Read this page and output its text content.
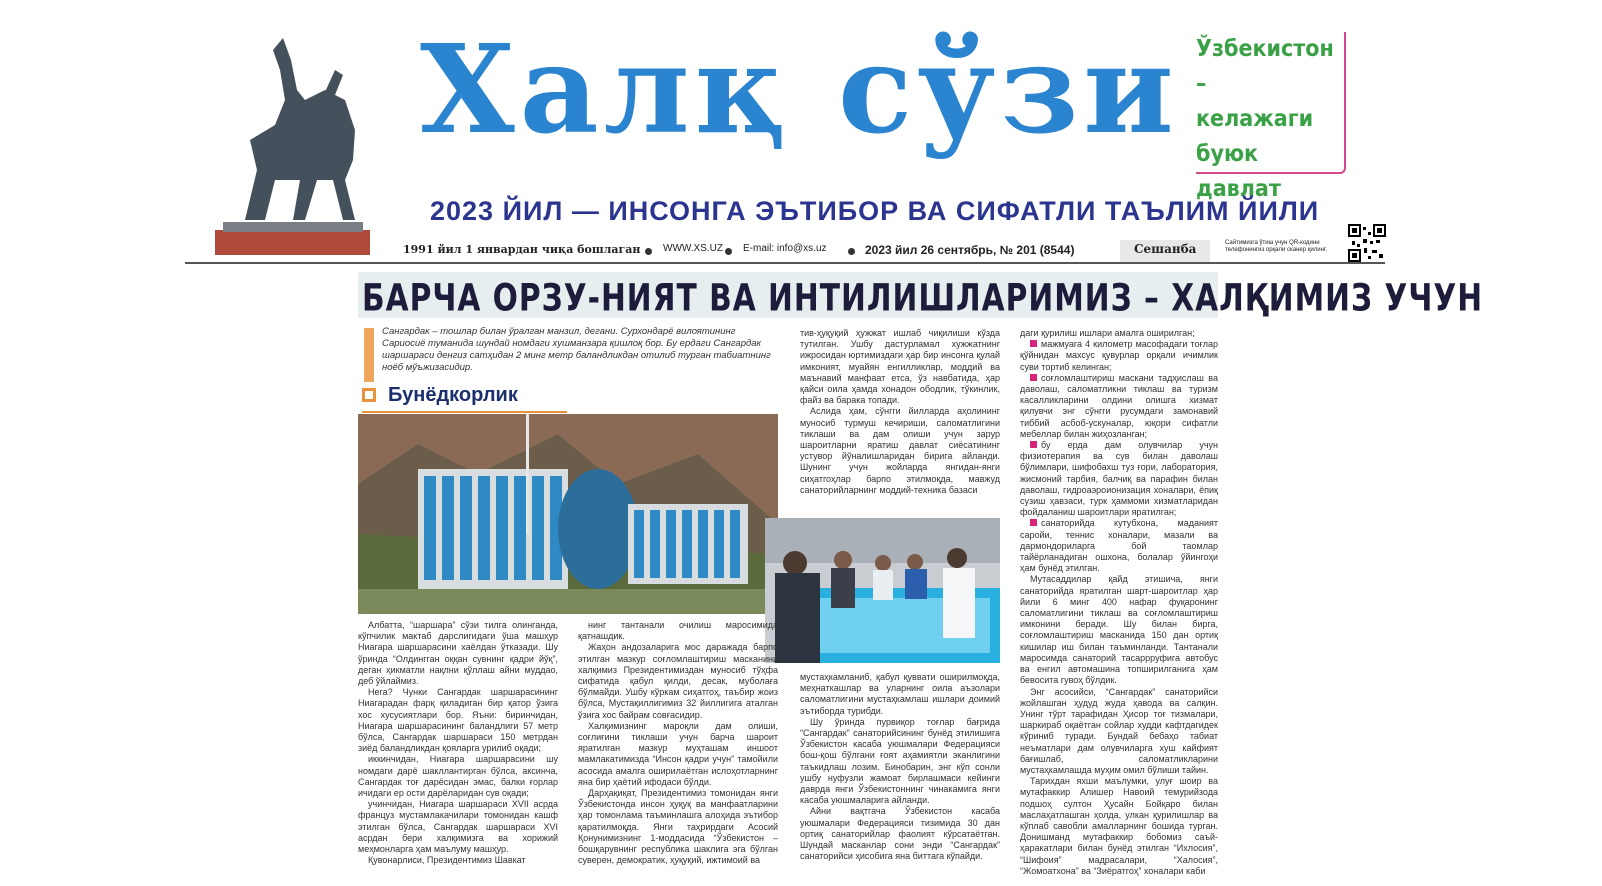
Халқ сўзи Ўзбекистон –
келажаги
буюк
давлат
2023 ЙИЛ — ИНСОНГА ЭЪТИБОР ВА СИФАТЛИ ТАЪЛИМ ЙИЛИ
1991 йил 1 январдан чиқа бошлаган WWW.XS.UZ E-mail: info@xs.uz	2023 йил 26 сентябрь, № 201 (8544)	Сешанба	Сайтимизга ўтиш учун QR-кодини телефонингиз орқали сканер қилинг.
БАРЧА ОРЗУ-НИЯТ ВА ИНТИЛИШЛАРИМИЗ – ХАЛҚИМИЗ УЧУН
Сангардак – тошлар билан ўралган манзил, дегани. Сурхондарё вилоятининг Сариосиё туманида шундай номдаги хушманзара қишлоқ бор. Бу ердаги Сангардак шаршараси денгиз сатҳидан 2 минг метр баландликдан отилиб турган табиатнинг ноёб мўъжизасидир.
Бунёдкорлик

Албатта, “шаршара” сўзи тилга олинганда, кўпчилик мактаб дарслигидаги ўша машҳур Ниагара шаршарасини хаёлдан ўтказади. Шу ўринда “Олдингган оққан сувнинг қадри йўқ”, деган ҳикматли нақлни қўллаш айни муддао, деб ўйлаймиз.

Нега? Чунки Сангардак шаршарасининг Ниагарадан фарқ қиладиган бир қатор ўзига хос хусусиятлари бор. Яъни: биринчидан, Ниагара шаршарасининг баландлиги 57 метр бўлса, Сангардак шаршараси 150 метрдан зиёд баландликдан қояларга урилиб оқади;

иккинчидан, Ниагара шаршарасини шу номдаги дарё шакллантирган бўлса, аксинча, Сангардак тоғ дарёсидан эмас, балки ғорлар ичидаги ер ости дарёларидан сув оқади;

учинчидан, Ниагара шаршараси XVII асрда француз мустамлакачилари томонидан кашф этилган бўлса, Сангардак шаршараси XVI асрдан бери халқимизга ва хорижий меҳмонларга ҳам маълуму машҳур.

Қувонарлиси, Президентимиз Шавкат

нинг тантанали очилиш маросимида қатнашдик.

Жаҳон андозаларига мос даражада барпо этилган мазкур соғломлаштириш масканини халқимиз Президентимиздан муносиб тўҳфа сифатида қабул қилди, десак, муболаға бўлмайди. Ушбу кўркам сиҳатгоҳ, таъбир жоиз бўлса, Мустақиллигимиз 32 йиллигига аталган ўзига хос байрам совғасидир.

Халқимизнинг мароқли дам олиши, соғлиғини тиклаши учун барча шароит яратилган мазкур муҳташам иншоот мамлакатимизда “Инсон қадри учун” тамойили асосида амалга оширилаётган ислоҳотларнинг яна бир ҳаётий ифодаси бўлди.

Дарҳақиқат, Президентимиз томонидан янги Ўзбекистонда инсон ҳуқуқ ва манфаатларини ҳар томонлама таъминлашга алоҳида эътибор қаратилмоқда. Янги таҳрирдаги Асосий Қонунимизнинг 1-моддасида “Ўзбекистон – бошқарувнинг республика шаклига эга бўлган суверен, демократик, ҳуқуқий, ижтимоий ва

тив-ҳуқуқий ҳужжат ишлаб чиқилиши кўзда тутилган. Ушбу дастурламал хужжатнинг ижросидан юртимиздаги ҳар бир инсонга қулай имконият, муайян енгилликлар, моддий ва маънавий манфаат етса, ўз навбатида, ҳар қайси оила ҳамда хонадон ободлик, тўкинлик, файз ва барака топади.

Аслида ҳам, сўнгги йилларда аҳолининг муносиб турмуш кечириши, саломатлигини тиклаши ва дам олиши учун зарур шароитларни яратиш давлат сиёсатининг устувор йўналишларидан бирига айланди. Шунинг учун жойларда янгидан-янги сиҳатгоҳлар барпо этилмоқда, мавжуд санаторийларнинг моддий-техника базаси

мустаҳкамланиб, қабул қуввати оширилмоқда, меҳнаткашлар ва уларнинг оила аъзолари саломатлигини мустаҳкамлаш ишлари доимий эътиборда турибди.

Шу ўринда пурвиқор тоғлар бағрида “Сангардак” санаторийсининг бунёд этилишига Ўзбекистон касаба уюшмалари Федерацияси бош-қош бўлгани ғоят аҳамиятли эканлигини таъкидлаш лозим. Бинобарин, энг кўп сонли ушбу нуфузли жамоат бирлашмаси кейинги даврда янги Ўзбекистоннинг чинакамига янги касаба уюшмаларига айланди.

Айни вақтгача Ўзбекистон касаба уюшмалари Федерацияси тизимида 30 дан ортиқ санаторийлар фаолият кўрсатаётган. Шундай масканлар сони энди “Сангардак” санаторийси ҳисобига яна биттага кўпайди.

даги қурилиш ишлари амалга оширилган;

мажмуага 4 километр масофадаги тоғлар қўйнидан махсус қувурлар орқали ичимлик суви тортиб келинган;

соғломлаштириш маскани тадҳислаш ва даволаш, саломатликни тиклаш ва туризм касалликларини олдини олишга хизмат қилувчи энг сўнгги русумдаги замонавий тиббий асбоб-ускуналар, юқори сифатли мебеллар билан жиҳозланган;

бу ерда дам олувчилар учун физиотерапия ва сув билан даволаш бўлимлари, шифобахш туз ғори, лаборатория, жисмоний тарбия, балчиқ ва парафин билан даволаш, гидроаэроионизация хоналари, ёпиқ сузиш ҳавзаси, турк ҳаммоми хизматларидан фойдаланиш шароитлари яратилган;

санаторийда кутубхона, маданият саройи, теннис хоналари, мазали ва дармондориларга бой таомлар тайёрланадиган ошхона, болалар ўйингоҳи ҳам бунёд этилган.

Мутасаддилар қайд этишича, янги санаторийда яратилган шарт-шароитлар ҳар йили 6 минг 400 нафар фуқаронинг саломатлигини тиклаш ва соғломлаштириш имконини беради. Шу билан бирга, соғломлаштириш масканида 150 дан ортиқ кишилар иш билан таъминланди. Тантанали маросимда санаторий тасаррруфига автобус ва енгил автомашина топширилганига ҳам бевосита гувоҳ бўлдик.

Энг асосийси, “Сангардак” санаторийси жойлашган ҳудуд жуда ҳавода ва салқин. Унинг тўрт тарафидан Ҳисор тоғ тизмалари, шаркираб оқаётган сойлар худди кафтдагидек кўриниб туради. Бундай бебаҳо табиат неъматлари дам олувчиларга хуш кайфият бағишлаб, саломатликларини мустаҳкамлашда муҳим омил бўлиши тайин.

Тарихдан яхши маълумки, улуғ шоир ва мутафаккир Алишер Навоий темурийзода подшоҳ султон Ҳусайн Бойқаро билан маслаҳатлашган ҳолда, улкан қурилишлар ва кўплаб савобли амалларнинг бошида турган. Донишманд мутафаккир бобомиз саъй-ҳаракатлари билан бунёд этилган “Ихлосия”, “Шифоия” мадрасалари, “Халосия”, “Жомоатхона” ва “Зиёратгоҳ” хоналари каби
